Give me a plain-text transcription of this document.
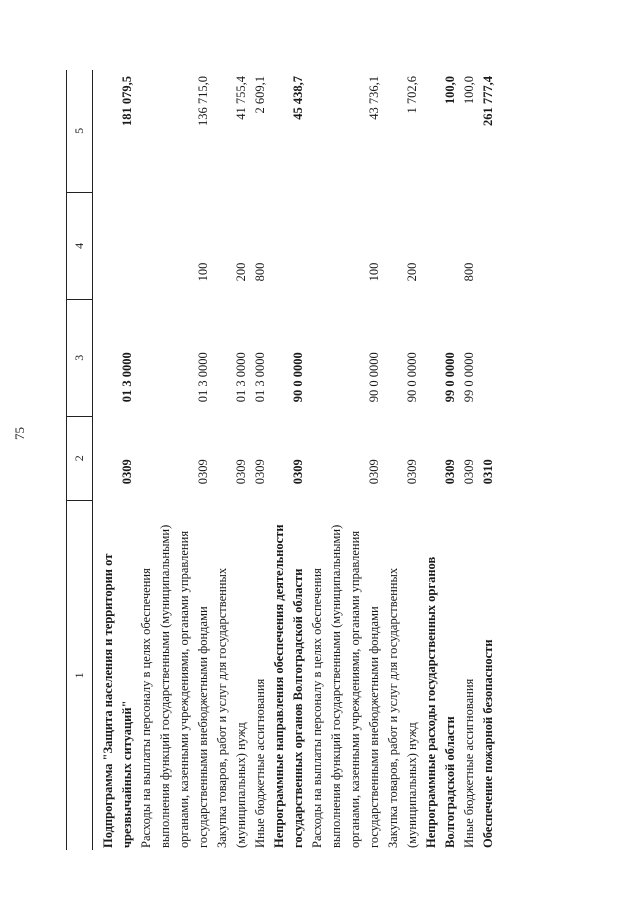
75
1	2	3	4	5

Подпрограмма "Защита населения и территории от чрезвычайных ситуаций"	0309	01 3 0000		181 079,5
Расходы на выплаты персоналу в целях обеспечения выполнения функций государственными (муниципальными) органами, казенными учреждениями, органами управления государственными внебюджетными фондами	0309	01 3 0000	100	136 715,0
Закупка товаров, работ и услуг для государственных (муниципальных) нужд	0309	01 3 0000	200	41 755,4
Иные бюджетные ассигнования	0309	01 3 0000	800	2 609,1
Непрограммные направления обеспечения деятельности государственных органов Волгоградской области	0309	90 0 0000		45 438,7
Расходы на выплаты персоналу в целях обеспечения выполнения функций государственными (муниципальными) органами, казенными учреждениями, органами управления государственными внебюджетными фондами	0309	90 0 0000	100	43 736,1
Закупка товаров, работ и услуг для государственных (муниципальных) нужд	0309	90 0 0000	200	1 702,6
Непрограммные расходы государственных органов Волгоградской области	0309	99 0 0000		100,0
Иные бюджетные ассигнования	0309	99 0 0000	800	100,0
Обеспечение пожарной безопасности	0310			261 777,4
